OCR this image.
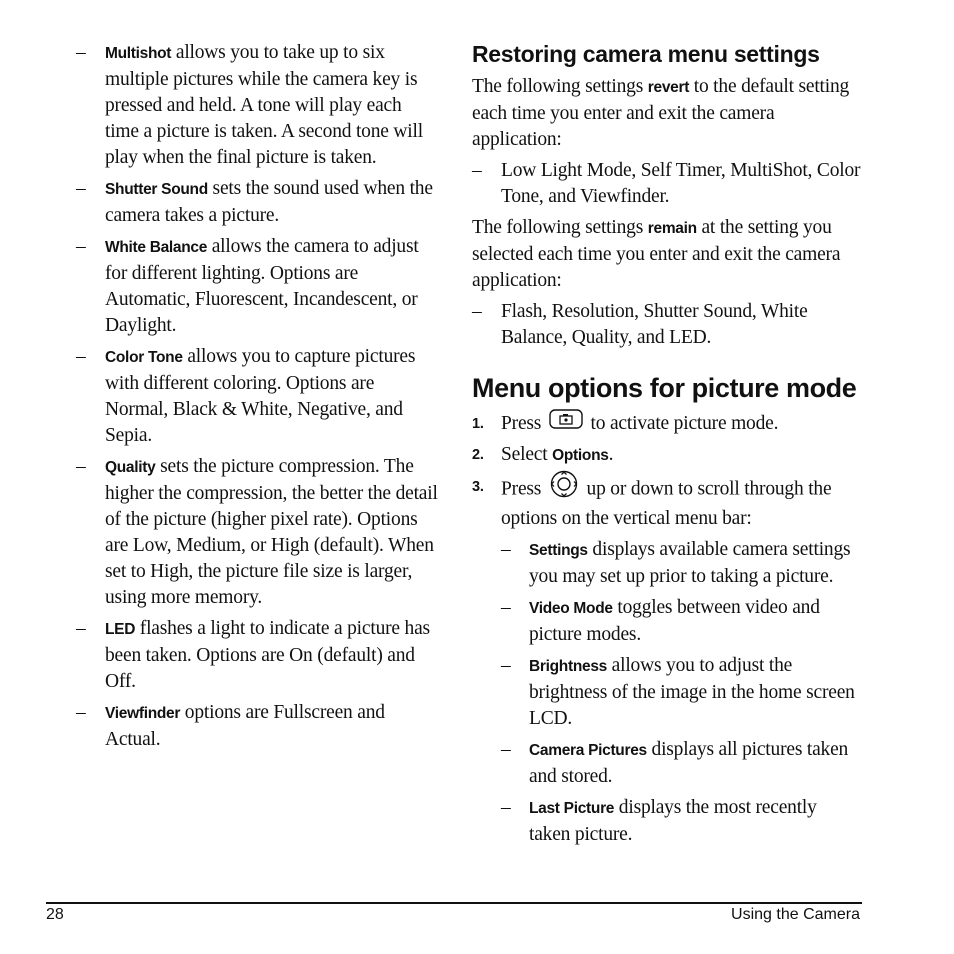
– Multishot allows you to take up to six multiple pictures while the camera key is pressed and held. A tone will play each time a picture is taken. A second tone will play when the final picture is taken.
– Shutter Sound sets the sound used when the camera takes a picture.
– White Balance allows the camera to adjust for different lighting. Options are Automatic, Fluorescent, Incandescent, or Daylight.
– Color Tone allows you to capture pictures with different coloring. Options are Normal, Black & White, Negative, and Sepia.
– Quality sets the picture compression. The higher the compression, the better the detail of the picture (higher pixel rate). Options are Low, Medium, or High (default). When set to High, the picture file size is larger, using more memory.
– LED flashes a light to indicate a picture has been taken. Options are On (default) and Off.
– Viewfinder options are Fullscreen and Actual.
Restoring camera menu settings

The following settings revert to the default setting each time you enter and exit the camera application:

– Low Light Mode, Self Timer, MultiShot, Color Tone, and Viewfinder.

The following settings remain at the setting you selected each time you enter and exit the camera application:

– Flash, Resolution, Shutter Sound, White Balance, Quality, and LED.
Menu options for picture mode
1. Press  to activate picture mode.
2. Select Options.
3. Press  up or down to scroll through the options on the vertical menu bar:
– Settings displays available camera settings you may set up prior to taking a picture.
– Video Mode toggles between video and picture modes.
– Brightness allows you to adjust the brightness of the image in the home screen LCD.
– Camera Pictures displays all pictures taken and stored.
– Last Picture displays the most recently taken picture.
28	Using the Camera
